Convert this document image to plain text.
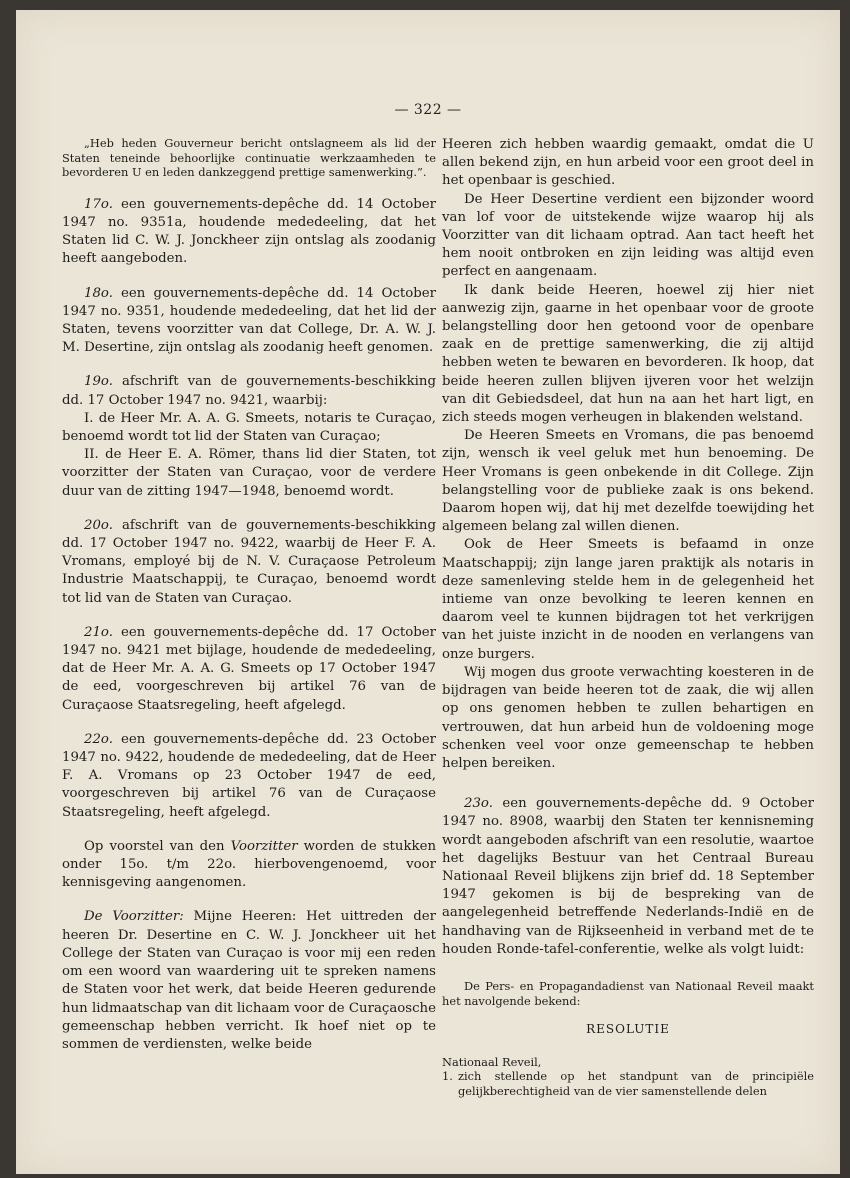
— 322 —

„Heb heden Gouverneur bericht ontslagneem als lid der Staten teneinde behoorlijke continuatie werkzaamheden te bevorderen U en leden dankzeggend prettige samenwerking.”.

17o. een gouvernements-depêche dd. 14 October 1947 no. 9351a, houdende mededeeling, dat het Staten lid C. W. J. Jonckheer zijn ontslag als zoodanig heeft aangeboden.

18o. een gouvernements-depêche dd. 14 October 1947 no. 9351, houdende mededeeling, dat het lid der Staten, tevens voorzitter van dat College, Dr. A. W. J. M. Desertine, zijn ontslag als zoodanig heeft genomen.

19o. afschrift van de gouvernements-beschikking dd. 17 October 1947 no. 9421, waarbij:

I. de Heer Mr. A. A. G. Smeets, notaris te Curaçao, benoemd wordt tot lid der Staten van Curaçao;

II. de Heer E. A. Römer, thans lid dier Staten, tot voorzitter der Staten van Curaçao, voor de verdere duur van de zitting 1947—1948, benoemd wordt.

20o. afschrift van de gouvernements-beschikking dd. 17 October 1947 no. 9422, waarbij de Heer F. A. Vromans, employé bij de N. V. Curaçaose Petroleum Industrie Maatschappij, te Curaçao, benoemd wordt tot lid van de Staten van Curaçao.

21o. een gouvernements-depêche dd. 17 October 1947 no. 9421 met bijlage, houdende de mededeeling, dat de Heer Mr. A. A. G. Smeets op 17 October 1947 de eed, voorgeschreven bij artikel 76 van de Curaçaose Staatsregeling, heeft afgelegd.

22o. een gouvernements-depêche dd. 23 October 1947 no. 9422, houdende de mededeeling, dat de Heer F. A. Vromans op 23 October 1947 de eed, voorgeschreven bij artikel 76 van de Curaçaose Staatsregeling, heeft afgelegd.

Op voorstel van den Voorzitter worden de stukken onder 15o. t/m 22o. hierbovengenoemd, voor kennisgeving aangenomen.

De Voorzitter: Mijne Heeren: Het uittreden der heeren Dr. Desertine en C. W. J. Jonckheer uit het College der Staten van Curaçao is voor mij een reden om een woord van waardering uit te spreken namens de Staten voor het werk, dat beide Heeren gedurende hun lidmaatschap van dit lichaam voor de Curaçaosche gemeenschap hebben verricht. Ik hoef niet op te sommen de verdiensten, welke beide

Heeren zich hebben waardig gemaakt, omdat die U allen bekend zijn, en hun arbeid voor een groot deel in het openbaar is geschied.

De Heer Desertine verdient een bijzonder woord van lof voor de uitstekende wijze waarop hij als Voorzitter van dit lichaam optrad. Aan tact heeft het hem nooit ontbroken en zijn leiding was altijd even perfect en aangenaam.

Ik dank beide Heeren, hoewel zij hier niet aanwezig zijn, gaarne in het openbaar voor de groote belangstelling door hen getoond voor de openbare zaak en de prettige samenwerking, die zij altijd hebben weten te bewaren en bevorderen. Ik hoop, dat beide heeren zullen blijven ijveren voor het welzijn van dit Gebiedsdeel, dat hun na aan het hart ligt, en zich steeds mogen verheugen in blakenden welstand.

De Heeren Smeets en Vromans, die pas benoemd zijn, wensch ik veel geluk met hun benoeming. De Heer Vromans is geen onbekende in dit College. Zijn belangstelling voor de publieke zaak is ons bekend. Daarom hopen wij, dat hij met dezelfde toewijding het algemeen belang zal willen dienen.

Ook de Heer Smeets is befaamd in onze Maatschappij; zijn lange jaren praktijk als notaris in deze samenleving stelde hem in de gelegenheid het intieme van onze bevolking te leeren kennen en daarom veel te kunnen bijdragen tot het verkrijgen van het juiste inzicht in de nooden en verlangens van onze burgers.

Wij mogen dus groote verwachting koesteren in de bijdragen van beide heeren tot de zaak, die wij allen op ons genomen hebben te zullen behartigen en vertrouwen, dat hun arbeid hun de voldoening moge schenken veel voor onze gemeenschap te hebben helpen bereiken.

23o. een gouvernements-depêche dd. 9 October 1947 no. 8908, waarbij den Staten ter kennisneming wordt aangeboden afschrift van een resolutie, waartoe het dagelijks Bestuur van het Centraal Bureau Nationaal Reveil blijkens zijn brief dd. 18 September 1947 gekomen is bij de bespreking van de aangelegenheid betreffende Nederlands-Indië en de handhaving van de Rijkseenheid in verband met de te houden Ronde-tafel-conferentie, welke als volgt luidt:

De Pers- en Propagandadienst van Nationaal Reveil maakt het navolgende bekend:

RESOLUTIE

Nationaal Reveil,

1. zich stellende op het standpunt van de principiële gelijkberechtigheid van de vier samenstellende delen
